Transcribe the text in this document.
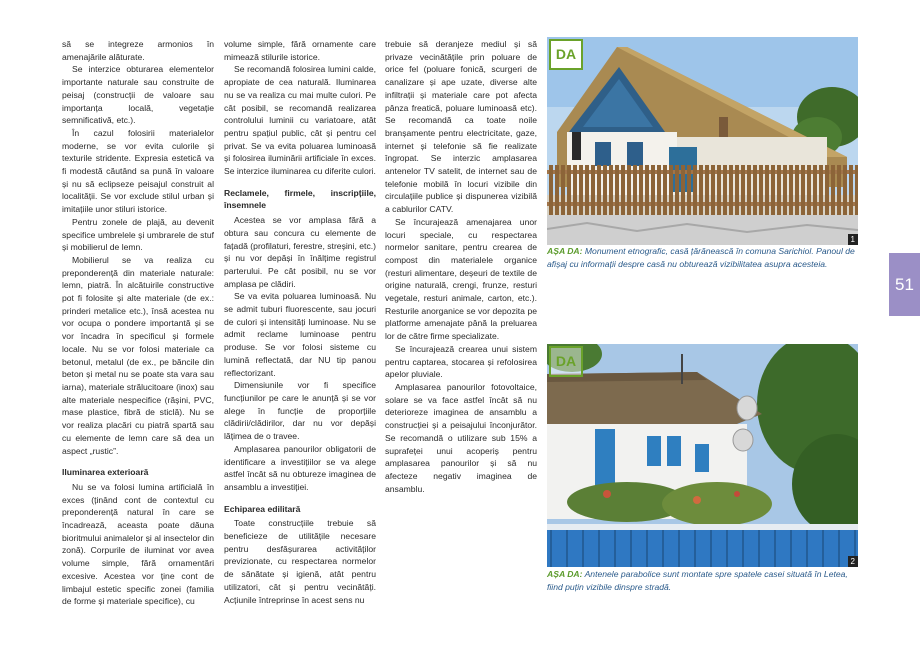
să se integreze armonios în amenajările alăturate.

Se interzice obturarea elementelor importante naturale sau construite de peisaj (construcții de valoare sau importanța locală, vegetație semnificativă, etc.).

În cazul folosirii materialelor moderne, se vor evita culorile și texturile stridente. Expresia estetică va fi modestă căutând sa pună în valoare și nu să eclipseze peisajul construit al localității. Se vor exclude stilul urban și imitațiile unor stiluri istorice.

Pentru zonele de plajă, au devenit specifice umbrelele și umbrarele de stuf și mobilierul de lemn.

Mobilierul se va realiza cu preponderență din materiale naturale: lemn, piatră. În alcătuirile constructive pot fi folosite și alte materiale (de ex.: prinderi metalice etc.), însă acestea nu vor ocupa o pondere importantă și se vor încadra în specificul și formele locale. Nu se vor folosi materiale ca betonul, metalul (de ex., pe băncile din beton și metal nu se poate sta vara sau iarna), materiale strălucitoare (inox) sau alte materiale nespecifice (rășini, PVC, mase plastice, fibră de sticlă). Nu se vor realiza placări cu piatră spartă sau cu elemente de lemn care să dea un aspect „rustic”.

Iluminarea exterioară

Nu se va folosi lumina artificială în exces (ținând cont de contextul cu preponderență natural în care se încadrează, aceasta poate dăuna bioritmului animalelor și al insectelor din zonă). Corpurile de iluminat vor avea volume simple, fără ornamentări excesive. Acestea vor ține cont de limbajul estetic specific zonei (familia de forme și materiale specifice), cu

volume simple, fără ornamente care mimează stilurile istorice.

Se recomandă folosirea lumini calde, apropiate de cea naturală. Iluminarea nu se va realiza cu mai multe culori. Pe cât posibil, se recomandă realizarea controlului luminii cu variatoare, atât pentru spațiul public, cât și pentru cel privat. Se va evita poluarea luminoasă și folosirea iluminării artificiale în exces. Se interzice iluminarea cu diferite culori.

Reclamele, firmele, inscripțiile, însemnele

Acestea se vor amplasa fără a obtura sau concura cu elemente de fațadă (profilaturi, ferestre, streșini, etc.) și nu vor depăși în înălțime registrul parterului. Pe cât posibil, nu se vor amplasa pe clădiri.

Se va evita poluarea luminoasă. Nu se admit tuburi fluorescente, sau jocuri de culori și intensități luminoase. Nu se admit reclame luminoase pentru produse. Se vor folosi sisteme cu lumină reflectată, dar NU tip panou reflectorizant.

Dimensiunile vor fi specifice funcțiunilor pe care le anunță și se vor alege în funcție de proporțiile clădirii/clădirilor, dar nu vor depăși lățimea de o travee.

Amplasarea panourilor obligatorii de identificare a investițiilor se va alege astfel încât să nu obtureze imaginea de ansamblu a investiției.

Echiparea edilitară

Toate construcțiile trebuie să beneficieze de utilitățile necesare pentru desfășurarea activităților previzionate, cu respectarea normelor de sănătate și igienă, atât pentru utilizatori, cât și pentru vecinătăți. Acțiunile întreprinse în acest sens nu

trebuie să deranjeze mediul și să privaze vecinătățile prin poluare de orice fel (poluare fonică, scurgeri de canalizare și ape uzate, diverse alte infiltrații și materiale care pot afecta pânza freatică, poluare luminoasă etc). Se recomandă ca toate noile branșamente pentru electricitate, gaze, internet și telefonie să fie realizate îngropat. Se interzic amplasarea antenelor TV satelit, de internet sau de telefonie mobilă în locuri vizibile din circulațiile publice și dispunerea vizibilă a cablurilor CATV.

Se încurajează amenajarea unor locuri speciale, cu respectarea normelor sanitare, pentru crearea de compost din materialele organice (resturi alimentare, deșeuri de textile de origine naturală, crengi, frunze, resturi vegetale, resturi animale, carton, etc.). Resturile anorganice se vor depozita pe platforme amenajate până la preluarea lor de către firme specializate.

Se încurajează crearea unui sistem pentru captarea, stocarea și refolosirea apelor pluviale.

Amplasarea panourilor fotovoltaice, solare se va face astfel încât să nu deterioreze imaginea de ansamblu a construcției și a peisajului înconjurător. Se recomandă o utilizare sub 15% a suprafeței unui acoperiș pentru amplasarea panourilor și să nu afecteze negativ imaginea de ansamblu.

DA
1
AȘA DA: Monument etnografic, casă țărănească în comuna Sarichiol. Panoul de afișaj cu informații despre casă nu obturează vizibilitatea asupra acesteia.
DA
2
AȘA DA: Antenele parabolice sunt montate spre spatele casei situată în Letea, fiind puțin vizibile dinspre stradă.
51
